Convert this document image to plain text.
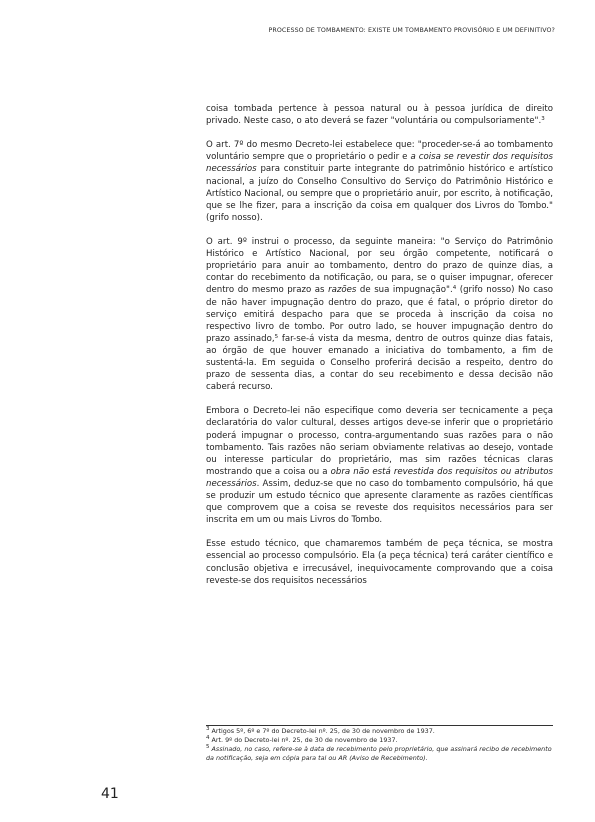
PROCESSO DE TOMBAMENTO: EXISTE UM TOMBAMENTO PROVISÓRIO E UM DEFINITIVO?

coisa tombada pertence à pessoa natural ou à pessoa jurídica de direito privado. Neste caso, o ato deverá se fazer "voluntária ou compulsoriamente".$^3$

O art. 7º do mesmo Decreto-lei estabelece que: "proceder-se-á ao tombamento voluntário sempre que o proprietário o pedir e a coisa se revestir dos requisitos necessários para constituir parte integrante do patrimônio histórico e artístico nacional, a juízo do Conselho Consultivo do Serviço do Patrimônio Histórico e Artístico Nacional, ou sempre que o proprietário anuir, por escrito, à notificação, que se lhe fizer, para a inscrição da coisa em qualquer dos Livros do Tombo." (grifo nosso).

O art. 9º instrui o processo, da seguinte maneira: "o Serviço do Patrimônio Histórico e Artístico Nacional, por seu órgão competente, notificará o proprietário para anuir ao tombamento, dentro do prazo de quinze dias, a contar do recebimento da notificação, ou para, se o quiser impugnar, oferecer dentro do mesmo prazo as razões de sua impugnação".$^4$ (grifo nosso) No caso de não haver impugnação dentro do prazo, que é fatal, o próprio diretor do serviço emitirá despacho para que se proceda à inscrição da coisa no respectivo livro de tombo. Por outro lado, se houver impugnação dentro do prazo assinado,$^5$ far-se-á vista da mesma, dentro de outros quinze dias fatais, ao órgão de que houver emanado a iniciativa do tombamento, a fim de sustentá-la. Em seguida o Conselho proferirá decisão a respeito, dentro do prazo de sessenta dias, a contar do seu recebimento e dessa decisão não caberá recurso.

Embora o Decreto-lei não especifique como deveria ser tecnicamente a peça declaratória do valor cultural, desses artigos deve-se inferir que o proprietário poderá impugnar o processo, contra-argumentando suas razões para o não tombamento. Tais razões não seriam obviamente relativas ao desejo, vontade ou interesse particular do proprietário, mas sim razões técnicas claras mostrando que a coisa ou a obra não está revestida dos requisitos ou atributos necessários. Assim, deduz-se que no caso do tombamento compulsório, há que se produzir um estudo técnico que apresente claramente as razões científicas que comprovem que a coisa se reveste dos requisitos necessários para ser inscrita em um ou mais Livros do Tombo.

Esse estudo técnico, que chamaremos também de peça técnica, se mostra essencial ao processo compulsório. Ela (a peça técnica) terá caráter científico e conclusão objetiva e irrecusável, inequivocamente comprovando que a coisa reveste-se dos requisitos necessários

$^3$ Artigos 5º, 6º e 7º do Decreto-lei nº. 25, de 30 de novembro de 1937.

$^4$ Art. 9º do Decreto-lei nº. 25, de 30 de novembro de 1937.

$^5$ Assinado, no caso, refere-se à data de recebimento pelo proprietário, que assinará recibo de recebimento da notificação, seja em cópia para tal ou AR (Aviso de Recebimento).

41
